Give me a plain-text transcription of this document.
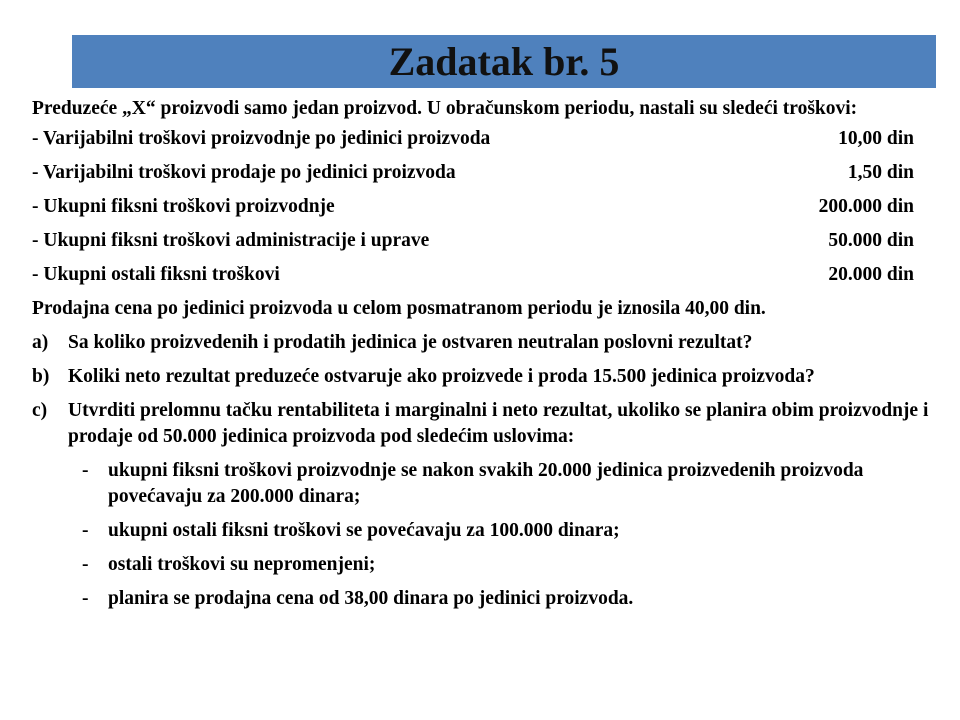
Zadatak br. 5
Preduzeće „X“ proizvodi samo jedan proizvod. U obračunskom periodu, nastali su sledeći troškovi:
- Varijabilni troškovi proizvodnje po jedinici proizvoda	10,00 din
- Varijabilni troškovi prodaje po jedinici proizvoda	1,50 din
- Ukupni fiksni troškovi proizvodnje	200.000 din
- Ukupni fiksni troškovi administracije i uprave	50.000 din
- Ukupni ostali fiksni troškovi	20.000 din
Prodajna cena po jedinici proizvoda u celom posmatranom periodu je iznosila 40,00 din.
a)	Sa koliko proizvedenih i prodatih jedinica je ostvaren neutralan poslovni rezultat?
b) Koliki neto rezultat preduzeće ostvaruje ako proizvede i proda 15.500 jedinica proizvoda?
c)	Utvrditi prelomnu tačku rentabiliteta i marginalni i neto rezultat, ukoliko se planira obim proizvodnje i prodaje od 50.000 jedinica proizvoda pod sledećim uslovima:
-	ukupni fiksni troškovi proizvodnje se nakon svakih 20.000 jedinica proizvedenih proizvoda povećavaju za 200.000 dinara;
-	ukupni ostali fiksni troškovi se povećavaju za 100.000 dinara;
-	ostali troškovi su nepromenjeni;
-	planira se prodajna cena od 38,00 dinara po jedinici proizvoda.
